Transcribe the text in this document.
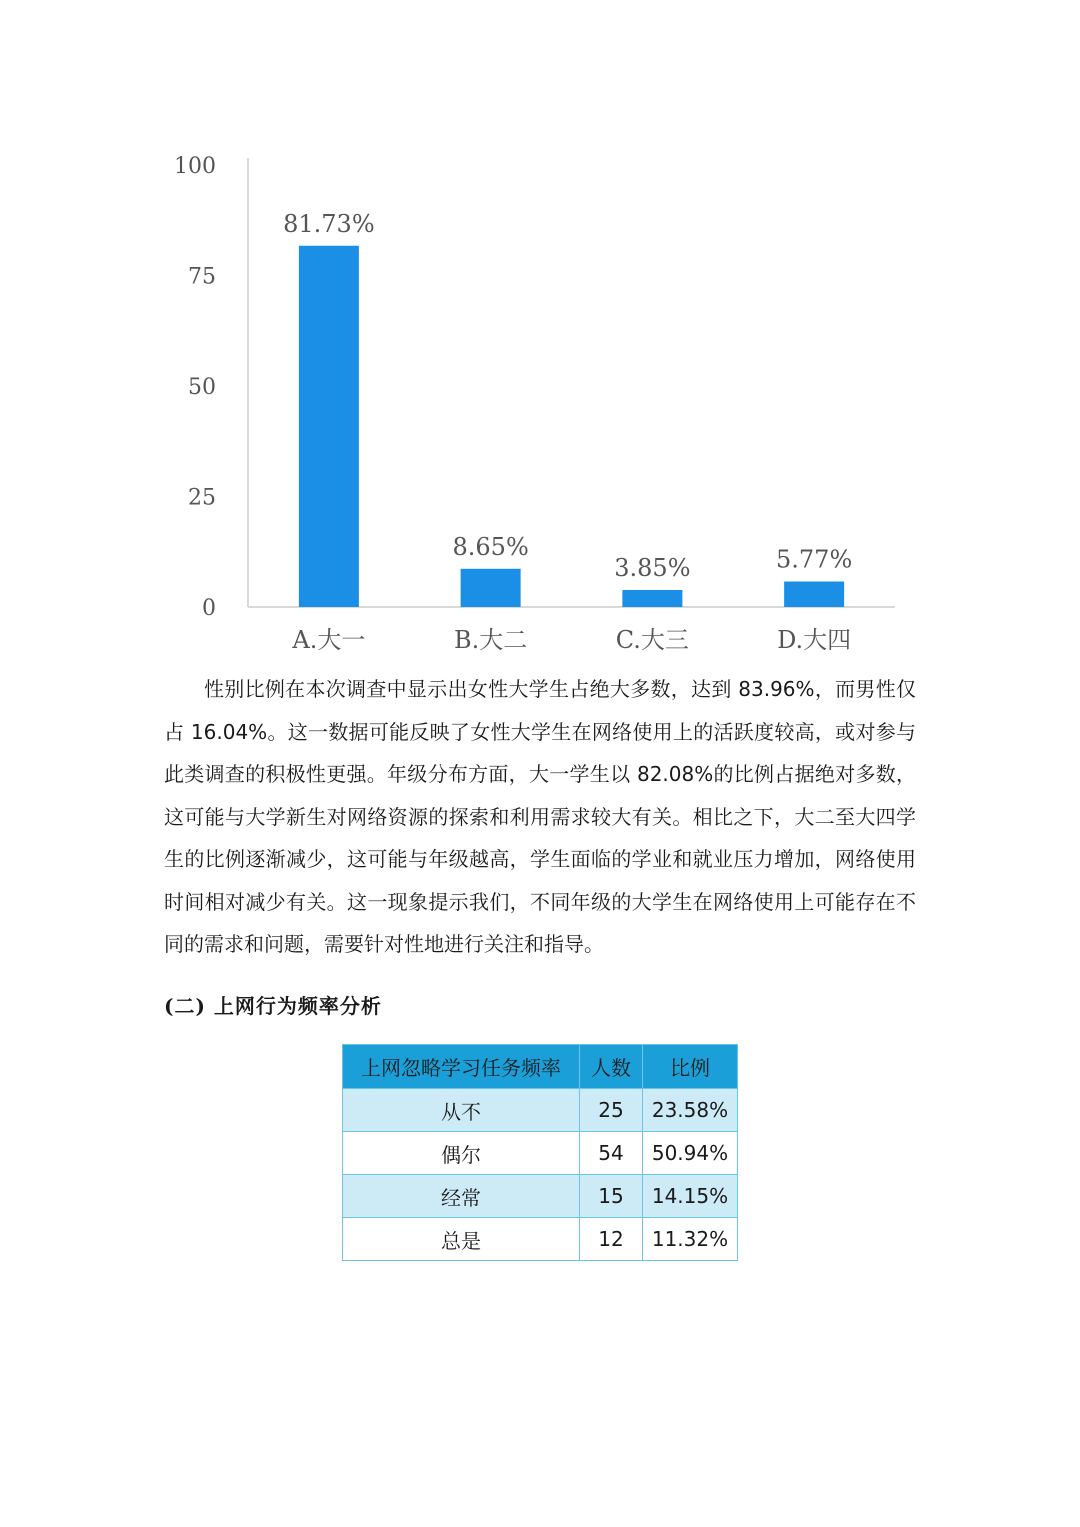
0
25
50
75
100
81.73%
A.大一
8.65%
B.大二
3.85%
C.大三
5.77%
D.大四

性别比例在本次调查中显示出女性大学生占绝大多数，达到 83.96%，而男性仅占 16.04%。这一数据可能反映了女性大学生在网络使用上的活跃度较高，或对参与此类调查的积极性更强。年级分布方面，大一学生以 82.08%的比例占据绝对多数，这可能与大学新生对网络资源的探索和利用需求较大有关。相比之下，大二至大四学生的比例逐渐减少，这可能与年级越高，学生面临的学业和就业压力增加，网络使用时间相对减少有关。这一现象提示我们，不同年级的大学生在网络使用上可能存在不同的需求和问题，需要针对性地进行关注和指导。

(二) 上网行为频率分析
上网忽略学习任务频率	人数	比例
从不	25	23.58%
偶尔	54	50.94%
经常	15	14.15%
总是	12	11.32%
